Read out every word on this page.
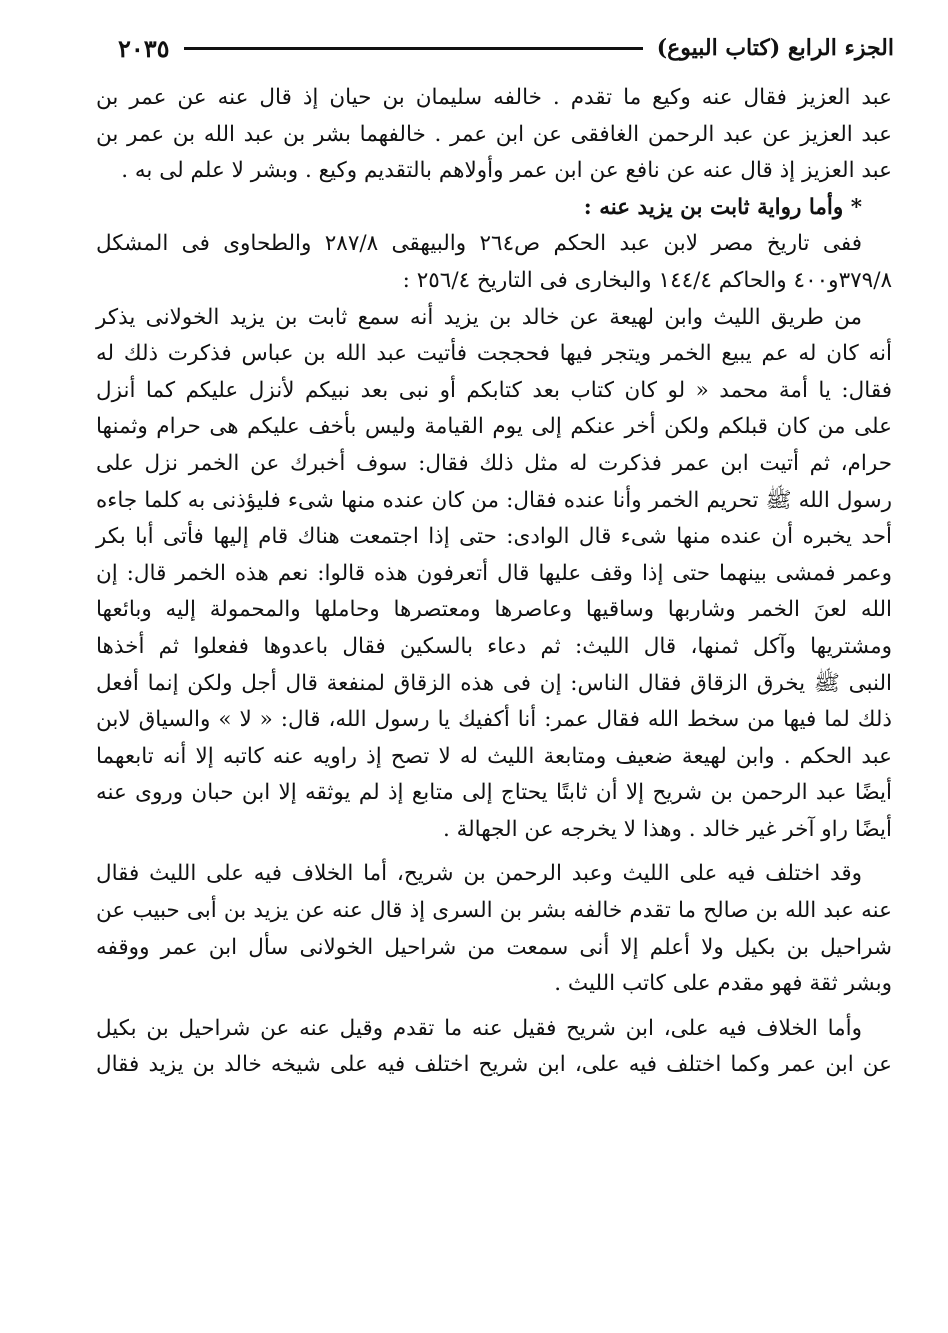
الجزء الرابع (كتاب البيوع)
٢٠٣٥
عبد العزيز فقال عنه وكيع ما تقدم . خالفه سليمان بن حيان إذ قال عنه عن عمر بن
عبد العزيز عن عبد الرحمن الغافقى عن ابن عمر . خالفهما بشر بن عبد الله بن عمر بن
عبد العزيز إذ قال عنه عن نافع عن ابن عمر وأولاهم بالتقديم وكيع . وبشر لا علم لى به .
* وأما رواية ثابت بن يزيد عنه :
ففى تاريخ مصر لابن عبد الحكم ص٢٦٤ والبيهقى ٢٨٧/٨ والطحاوى فى المشكل
٣٧٩/٨و٤٠٠ والحاكم ١٤٤/٤ والبخارى فى التاريخ ٢٥٦/٤ :
من طريق الليث وابن لهيعة عن خالد بن يزيد أنه سمع ثابت بن يزيد الخولانى يذكر
أنه كان له عم يبيع الخمر ويتجر فيها فحججت فأتيت عبد الله بن عباس فذكرت ذلك له
فقال: يا أمة محمد « لو كان كتاب بعد كتابكم أو نبى بعد نبيكم لأنزل عليكم كما أنزل
على من كان قبلكم ولكن أخر عنكم إلى يوم القيامة وليس بأخف عليكم هى حرام وثمنها
حرام، ثم أتيت ابن عمر فذكرت له مثل ذلك فقال: سوف أخبرك عن الخمر نزل على
رسول الله ﷺ تحريم الخمر وأنا عنده فقال: من كان عنده منها شىء فليؤذنى به كلما جاءه
أحد يخبره أن عنده منها شىء قال الوادى: حتى إذا اجتمعت هناك قام إليها فأتى أبا بكر
وعمر فمشى بينهما حتى إذا وقف عليها قال أتعرفون هذه قالوا: نعم هذه الخمر قال: إن
الله لعنَ الخمر وشاربها وساقيها وعاصرها ومعتصرها وحاملها والمحمولة إليه وبائعها
ومشتريها وآكل ثمنها، قال الليث: ثم دعاء بالسكين فقال باعدوها ففعلوا ثم أخذها
النبى ﷺ يخرق الزقاق فقال الناس: إن فى هذه الزقاق لمنفعة قال أجل ولكن إنما أفعل
ذلك لما فيها من سخط الله فقال عمر: أنا أكفيك يا رسول الله، قال: « لا » والسياق لابن
عبد الحكم . وابن لهيعة ضعيف ومتابعة الليث له لا تصح إذ راويه عنه كاتبه إلا أنه تابعهما
أيضًا عبد الرحمن بن شريح إلا أن ثابتًا يحتاج إلى متابع إذ لم يوثقه إلا ابن حبان وروى عنه
أيضًا راو آخر غير خالد . وهذا لا يخرجه عن الجهالة .
وقد اختلف فيه على الليث وعبد الرحمن بن شريح، أما الخلاف فيه على الليث فقال
عنه عبد الله بن صالح ما تقدم خالفه بشر بن السرى إذ قال عنه عن يزيد بن أبى حبيب عن
شراحيل بن بكيل ولا أعلم إلا أنى سمعت من شراحيل الخولانى سأل ابن عمر ووقفه
وبشر ثقة فهو مقدم على كاتب الليث .
وأما الخلاف فيه على، ابن شريح فقيل عنه ما تقدم وقيل عنه عن شراحيل بن بكيل
عن ابن عمر وكما اختلف فيه على، ابن شريح اختلف فيه على شيخه خالد بن يزيد فقال
